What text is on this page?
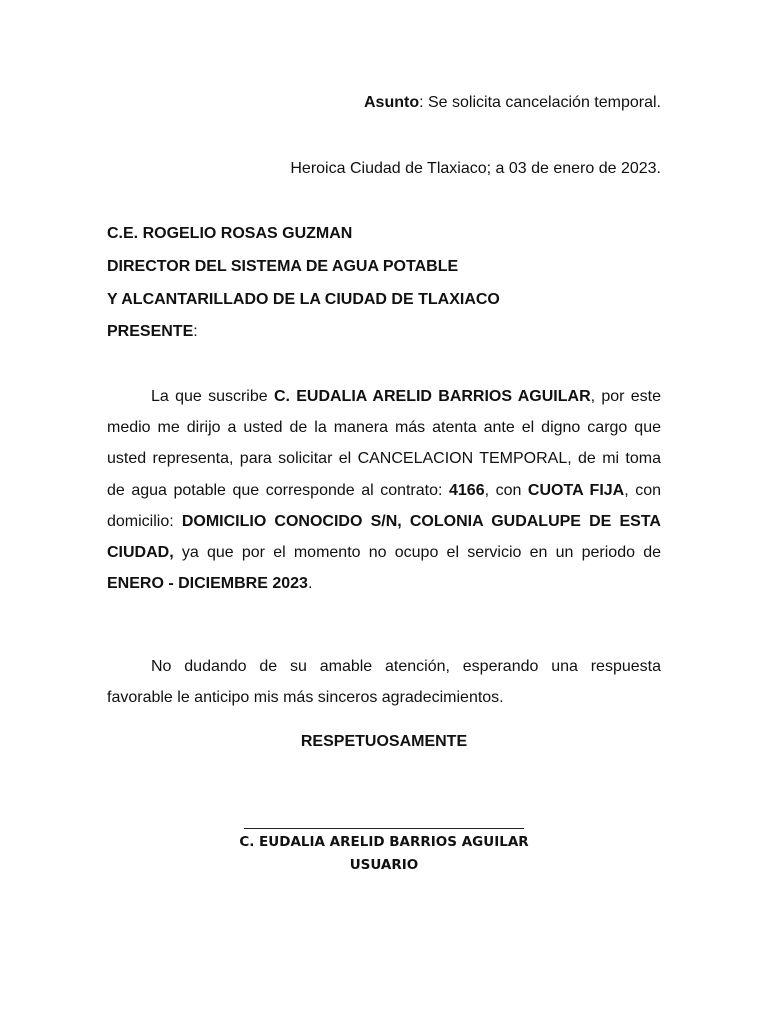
Asunto: Se solicita cancelación temporal.
Heroica Ciudad de Tlaxiaco; a 03 de enero de 2023.
C.E. ROGELIO ROSAS GUZMAN
DIRECTOR DEL SISTEMA DE AGUA POTABLE
Y ALCANTARILLADO DE LA CIUDAD DE TLAXIACO
PRESENTE:
La que suscribe C. EUDALIA ARELID BARRIOS AGUILAR, por este medio me dirijo a usted de la manera más atenta ante el digno cargo que usted representa, para solicitar el CANCELACION TEMPORAL, de mi toma de agua potable que corresponde al contrato: 4166, con CUOTA FIJA, con domicilio: DOMICILIO CONOCIDO S/N, COLONIA GUDALUPE DE ESTA CIUDAD, ya que por el momento no ocupo el servicio en un periodo de ENERO - DICIEMBRE 2023.
No dudando de su amable atención, esperando una respuesta favorable le anticipo mis más sinceros agradecimientos.
RESPETUOSAMENTE
C. EUDALIA ARELID BARRIOS AGUILAR
USUARIO
